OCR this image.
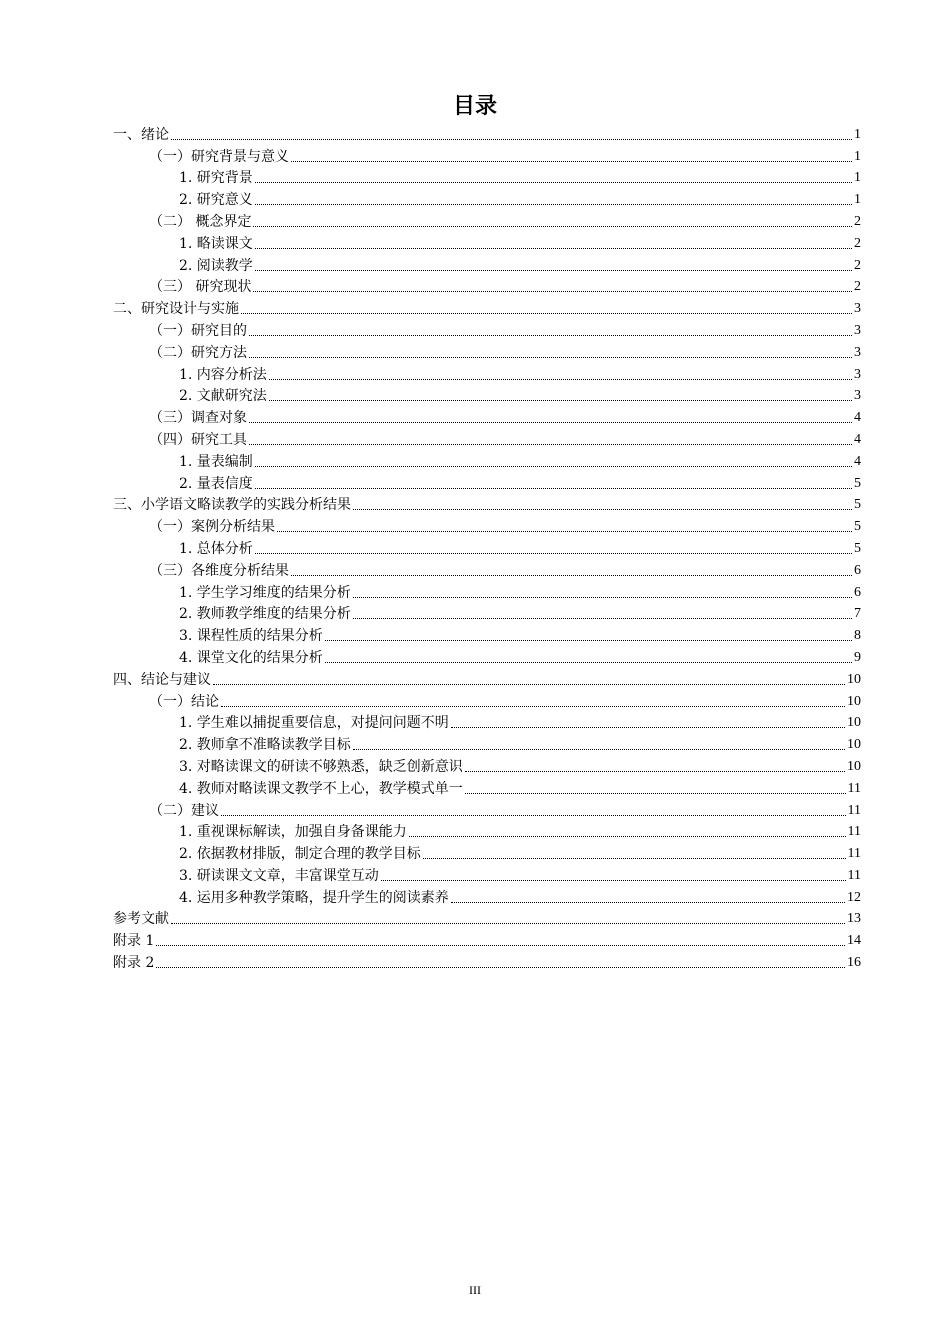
目录
一、绪论	1
（一）研究背景与意义	1
1. 研究背景	1
2. 研究意义	1
（二） 概念界定	2
1. 略读课文	2
2. 阅读教学	2
（三） 研究现状	2
二、研究设计与实施	3
（一）研究目的	3
（二）研究方法	3
1. 内容分析法	3
2. 文献研究法	3
（三）调查对象	4
（四）研究工具	4
1. 量表编制	4
2. 量表信度	5
三、小学语文略读教学的实践分析结果	5
（一）案例分析结果	5
1. 总体分析	5
（三）各维度分析结果	6
1. 学生学习维度的结果分析	6
2. 教师教学维度的结果分析	7
3. 课程性质的结果分析	8
4. 课堂文化的结果分析	9
四、结论与建议	10
（一）结论	10
1. 学生难以捕捉重要信息，对提问问题不明	10
2. 教师拿不准略读教学目标	10
3. 对略读课文的研读不够熟悉，缺乏创新意识	10
4. 教师对略读课文教学不上心，教学模式单一	11
（二）建议	11
1. 重视课标解读，加强自身备课能力	11
2. 依据教材排版，制定合理的教学目标	11
3. 研读课文文章，丰富课堂互动	11
4. 运用多种教学策略，提升学生的阅读素养	12
参考文献	13
附录 1	14
附录 2	16
III
